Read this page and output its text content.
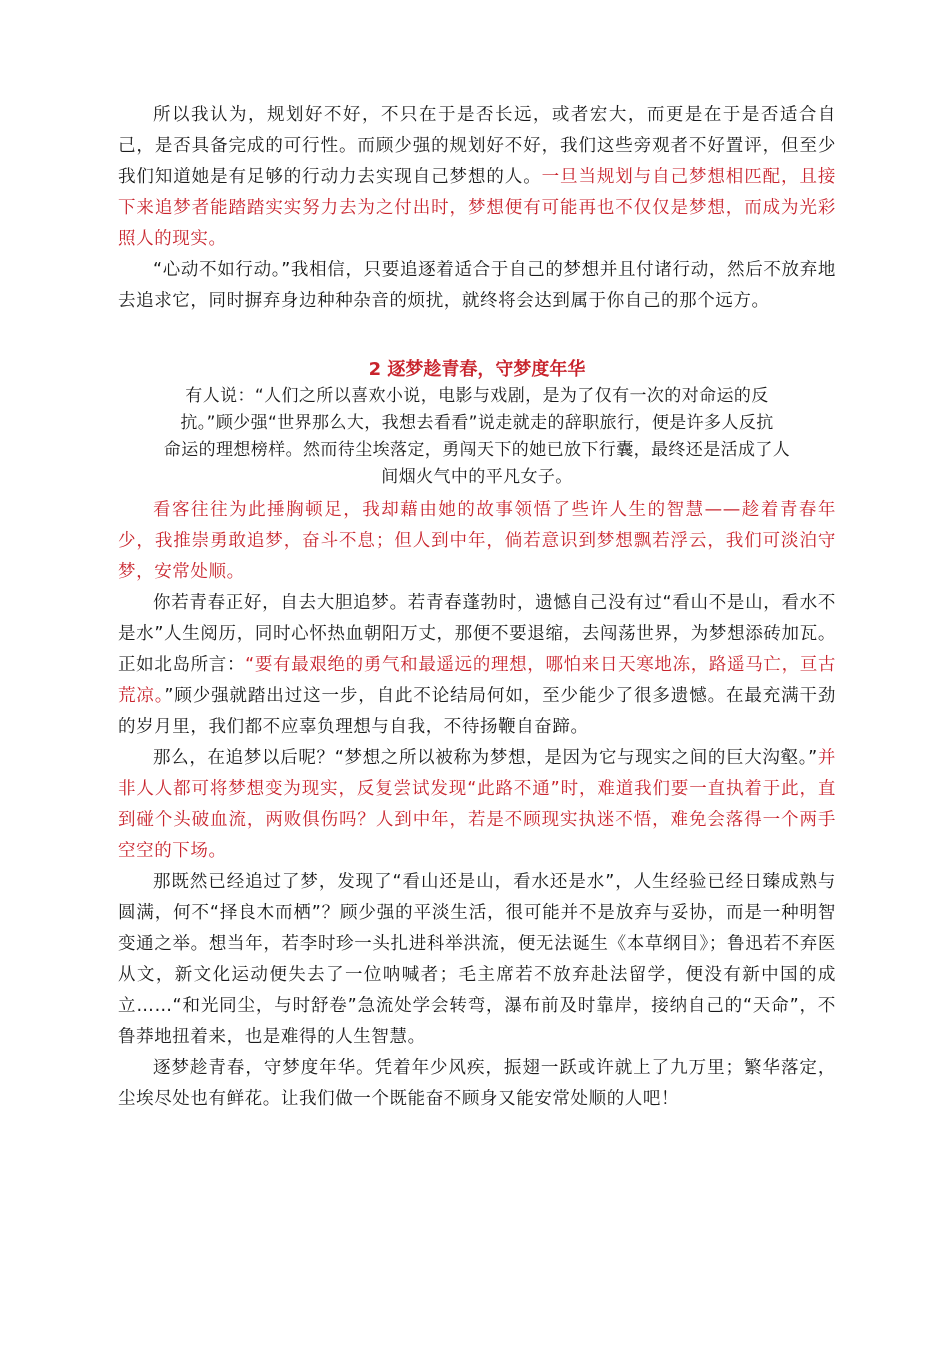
所以我认为，规划好不好，不只在于是否长远，或者宏大，而更是在于是否适合自己，是否具备完成的可行性。而顾少强的规划好不好，我们这些旁观者不好置评，但至少我们知道她是有足够的行动力去实现自己梦想的人。一旦当规划与自己梦想相匹配，且接下来追梦者能踏踏实实努力去为之付出时，梦想便有可能再也不仅仅是梦想，而成为光彩照人的现实。

“心动不如行动。”我相信，只要追逐着适合于自己的梦想并且付诸行动，然后不放弃地去追求它，同时摒弃身边种种杂音的烦扰，就终将会达到属于你自己的那个远方。

2 逐梦趁青春，守梦度年华

有人说：“人们之所以喜欢小说，电影与戏剧，是为了仅有一次的对命运的反

抗。”顾少强“世界那么大，我想去看看”说走就走的辞职旅行，便是许多人反抗

命运的理想榜样。然而待尘埃落定，勇闯天下的她已放下行囊，最终还是活成了人

间烟火气中的平凡女子。

看客往往为此捶胸顿足，我却藉由她的故事领悟了些许人生的智慧——趁着青春年少，我推崇勇敢追梦，奋斗不息；但人到中年，倘若意识到梦想飘若浮云，我们可淡泊守梦，安常处顺。

你若青春正好，自去大胆追梦。若青春蓬勃时，遗憾自己没有过“看山不是山，看水不是水”人生阅历，同时心怀热血朝阳万丈，那便不要退缩，去闯荡世界，为梦想添砖加瓦。正如北岛所言：“要有最艰绝的勇气和最遥远的理想，哪怕来日天寒地冻，路遥马亡，亘古荒凉。”顾少强就踏出过这一步，自此不论结局何如，至少能少了很多遗憾。在最充满干劲的岁月里，我们都不应辜负理想与自我，不待扬鞭自奋蹄。

那么，在追梦以后呢？“梦想之所以被称为梦想，是因为它与现实之间的巨大沟壑。”并非人人都可将梦想变为现实，反复尝试发现“此路不通”时，难道我们要一直执着于此，直到碰个头破血流，两败俱伤吗？人到中年，若是不顾现实执迷不悟，难免会落得一个两手空空的下场。

那既然已经追过了梦，发现了“看山还是山，看水还是水”，人生经验已经日臻成熟与圆满，何不“择良木而栖”？顾少强的平淡生活，很可能并不是放弃与妥协，而是一种明智变通之举。想当年，若李时珍一头扎进科举洪流，便无法诞生《本草纲目》；鲁迅若不弃医从文，新文化运动便失去了一位呐喊者；毛主席若不放弃赴法留学，便没有新中国的成立……“和光同尘，与时舒卷”急流处学会转弯，瀑布前及时靠岸，接纳自己的“天命”，不鲁莽地扭着来，也是难得的人生智慧。

逐梦趁青春，守梦度年华。凭着年少风疾，振翅一跃或许就上了九万里；繁华落定，尘埃尽处也有鲜花。让我们做一个既能奋不顾身又能安常处顺的人吧！
